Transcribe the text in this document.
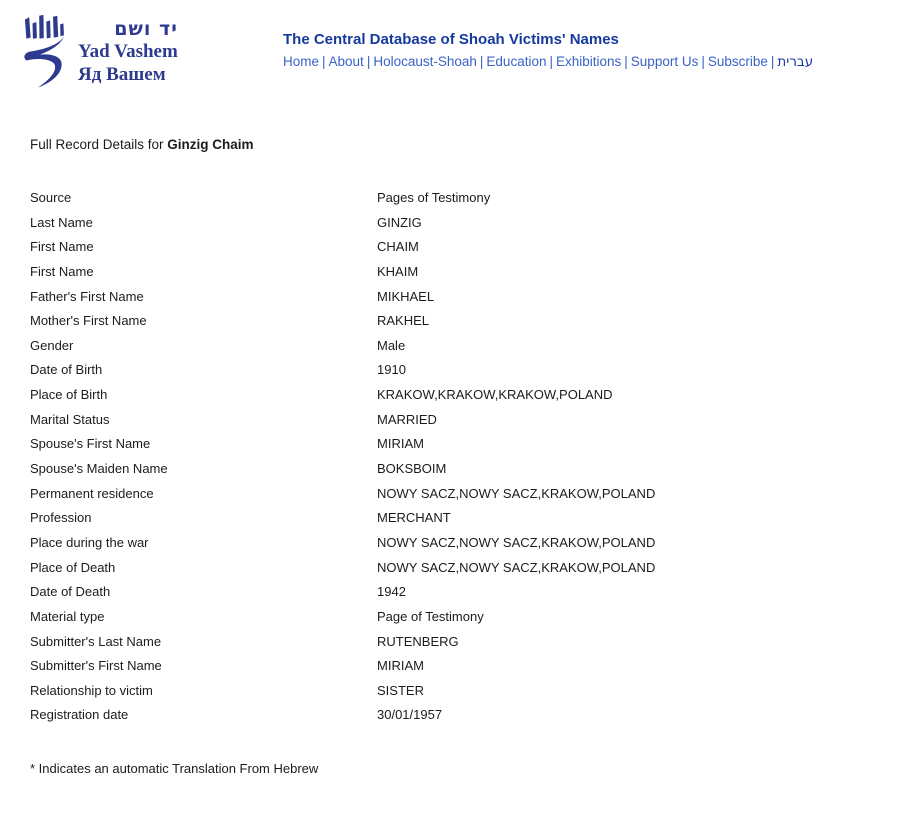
יד ושם
Yad Vashem
Яд Вашем
The Central Database of Shoah Victims' Names
Home | About | Holocaust-Shoah | Education | Exhibitions | Support Us | Subscribe | עברית
Full Record Details for Ginzig Chaim
Source	Pages of Testimony
Last Name	GINZIG
First Name	CHAIM
First Name	KHAIM
Father's First Name	MIKHAEL
Mother's First Name	RAKHEL
Gender	Male
Date of Birth	1910
Place of Birth	KRAKOW,KRAKOW,KRAKOW,POLAND
Marital Status	MARRIED
Spouse's First Name	MIRIAM
Spouse's Maiden Name	BOKSBOIM
Permanent residence	NOWY SACZ,NOWY SACZ,KRAKOW,POLAND
Profession	MERCHANT
Place during the war	NOWY SACZ,NOWY SACZ,KRAKOW,POLAND
Place of Death	NOWY SACZ,NOWY SACZ,KRAKOW,POLAND
Date of Death	1942
Material type	Page of Testimony
Submitter's Last Name	RUTENBERG
Submitter's First Name	MIRIAM
Relationship to victim	SISTER
Registration date	30/01/1957
* Indicates an automatic Translation From Hebrew
